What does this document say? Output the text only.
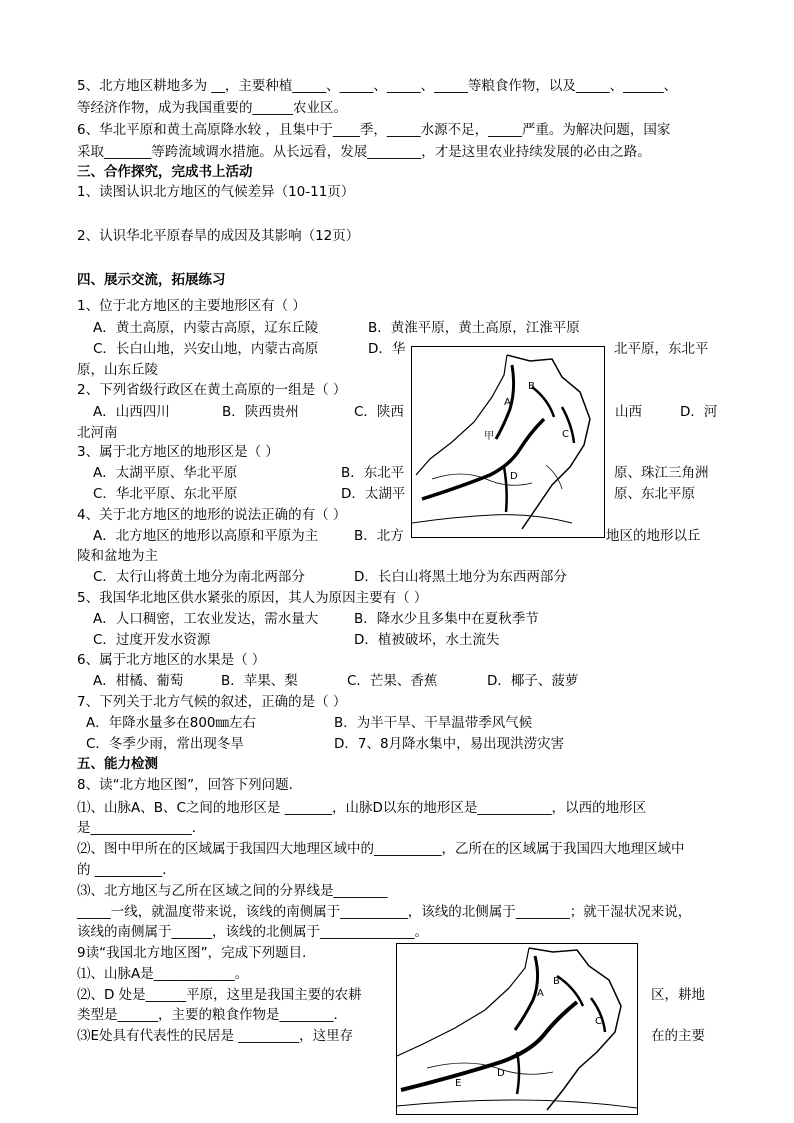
5、北方地区耕地多为 __，主要种植_____、_____、_____、_____等粮食作物，以及_____、______、
等经济作物，成为我国重要的______农业区。
6、华北平原和黄土高原降水较 ，且集中于____季，_____水源不足，_____严重。为解决问题，国家
采取_______等跨流域调水措施。从长远看，发展________，才是这里农业持续发展的必由之路。
三、合作探究，完成书上活动
1、读图认识北方地区的气候差异（10-11页）
2、认识华北平原春旱的成因及其影响（12页）
四、展示交流，拓展练习
1、位于北方地区的主要地形区有（ ）
A．黄土高原，内蒙古高原，辽东丘陵	B．黄淮平原，黄土高原，江淮平原
C．长白山地，兴安山地，内蒙古高原	D．华	北平原，东北平
原，山东丘陵
2、下列省级行政区在黄土高原的一组是（ ）
A．山西四川	B．陕西贵州	C．陕西	山西	D．河
北河南
3、属于北方地区的地形区是（ ）
A．太湖平原、华北平原	B．东北平	原、珠江三角洲
C．华北平原、东北平原	D．太湖平	原、东北平原
4、关于北方地区的地形的说法正确的有（ ）
A．北方地区的地形以高原和平原为主	B．北方	地区的地形以丘
陵和盆地为主
C．太行山将黄土地分为南北两部分	D．长白山将黑土地分为东西两部分
5、我国华北地区供水紧张的原因，其人为原因主要有（ ）
A．人口稠密，工农业发达，需水量大	B．降水少且多集中在夏秋季节
C．过度开发水资源	D．植被破坏，水土流失
6、属于北方地区的水果是（ ）
A．柑橘、葡萄	B．苹果、梨	C．芒果、香蕉	D．椰子、菠萝
7、下列关于北方气候的叙述，正确的是（ ）
A．年降水量多在800㎜左右	B．为半干旱、干旱温带季风气候
C．冬季少雨，常出现冬旱	D．7、8月降水集中，易出现洪涝灾害
五、能力检测
8、读“北方地区图”，回答下列问题．
⑴、山脉A、B、C之间的地形区是 _______，山脉D以东的地形区是___________，以西的地形区
是_______________．
⑵、图中甲所在的区域属于我国四大地理区域中的__________，乙所在的区域属于我国四大地理区域中
的 __________．
⑶、北方地区与乙所在区域之间的分界线是________
_____一线，就温度带来说，该线的南侧属于__________，该线的北侧属于________；就干湿状况来说，
该线的南侧属于______，该线的北侧属于______________。
9读“我国北方地区图”，完成下列题目．
⑴、山脉A是____________。
⑵、D 处是______平原，这里是我国主要的农耕	区，耕地
类型是______，主要的粮食作物是________．
⑶E处具有代表性的民居是 _________，这里存	在的主要
B
A
C
D
甲
B
A
C
D
E
